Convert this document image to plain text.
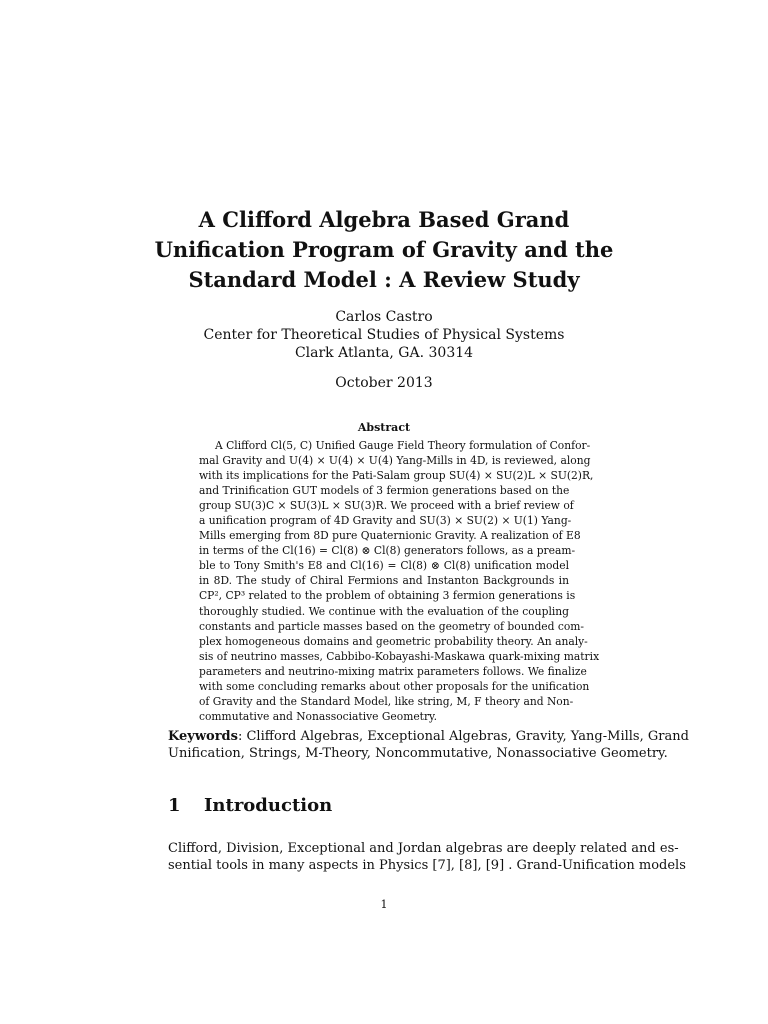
A Clifford Algebra Based Grand
Unification Program of Gravity and the
Standard Model : A Review Study
Carlos Castro
Center for Theoretical Studies of Physical Systems
Clark Atlanta, GA. 30314
October 2013
Abstract
A Clifford Cl(5, C) Unified Gauge Field Theory formulation of Confor-
mal Gravity and U(4) × U(4) × U(4) Yang-Mills in 4D, is reviewed, along
with its implications for the Pati-Salam group SU(4) × SU(2)L × SU(2)R,
and Trinification GUT models of 3 fermion generations based on the
group SU(3)C × SU(3)L × SU(3)R. We proceed with a brief review of
a unification program of 4D Gravity and SU(3) × SU(2) × U(1) Yang-
Mills emerging from 8D pure Quaternionic Gravity. A realization of E8
in terms of the Cl(16) = Cl(8) ⊗ Cl(8) generators follows, as a pream-
ble to Tony Smith's E8 and Cl(16) = Cl(8) ⊗ Cl(8) unification model
in 8D. The study of Chiral Fermions and Instanton Backgrounds in
CP², CP³ related to the problem of obtaining 3 fermion generations is
thoroughly studied. We continue with the evaluation of the coupling
constants and particle masses based on the geometry of bounded com-
plex homogeneous domains and geometric probability theory. An analy-
sis of neutrino masses, Cabbibo-Kobayashi-Maskawa quark-mixing matrix
parameters and neutrino-mixing matrix parameters follows. We finalize
with some concluding remarks about other proposals for the unification
of Gravity and the Standard Model, like string, M, F theory and Non-
commutative and Nonassociative Geometry.
Keywords: Clifford Algebras, Exceptional Algebras, Gravity, Yang-Mills, Grand
Unification, Strings, M-Theory, Noncommutative, Nonassociative Geometry.
1 Introduction
Clifford, Division, Exceptional and Jordan algebras are deeply related and es-
sential tools in many aspects in Physics [7], [8], [9] . Grand-Unification models
1
